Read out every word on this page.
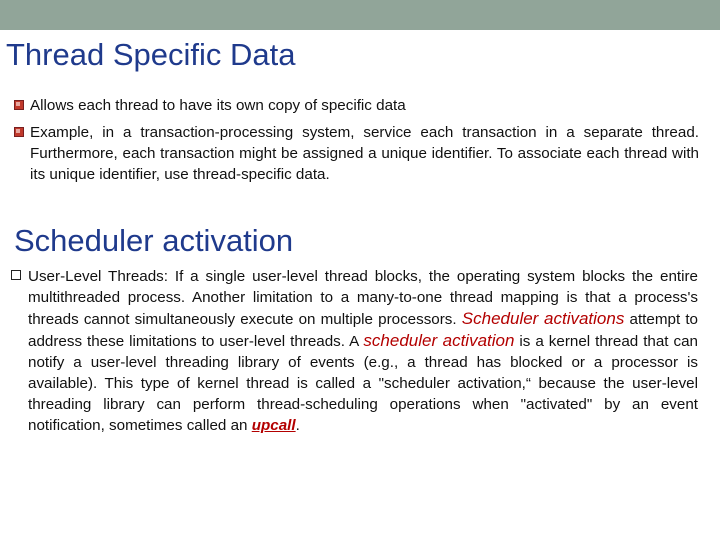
Thread Specific Data
Allows each thread to have its own copy of specific data
Example, in a transaction-processing system, service each transaction in a separate thread. Furthermore, each transaction might be assigned a unique identifier. To associate each thread with its unique identifier, use thread-specific data.
Scheduler activation
User-Level Threads: If a single user-level thread blocks, the operating system blocks the entire multithreaded process. Another limitation to a many-to-one thread mapping is that a process's threads cannot simultaneously execute on multiple processors. Scheduler activations attempt to address these limitations to user-level threads. A scheduler activation is a kernel thread that can notify a user-level threading library of events (e.g., a thread has blocked or a processor is available). This type of kernel thread is called a "scheduler activation,“ because the user-level threading library can perform thread-scheduling operations when "activated" by an event notification, sometimes called an upcall.
